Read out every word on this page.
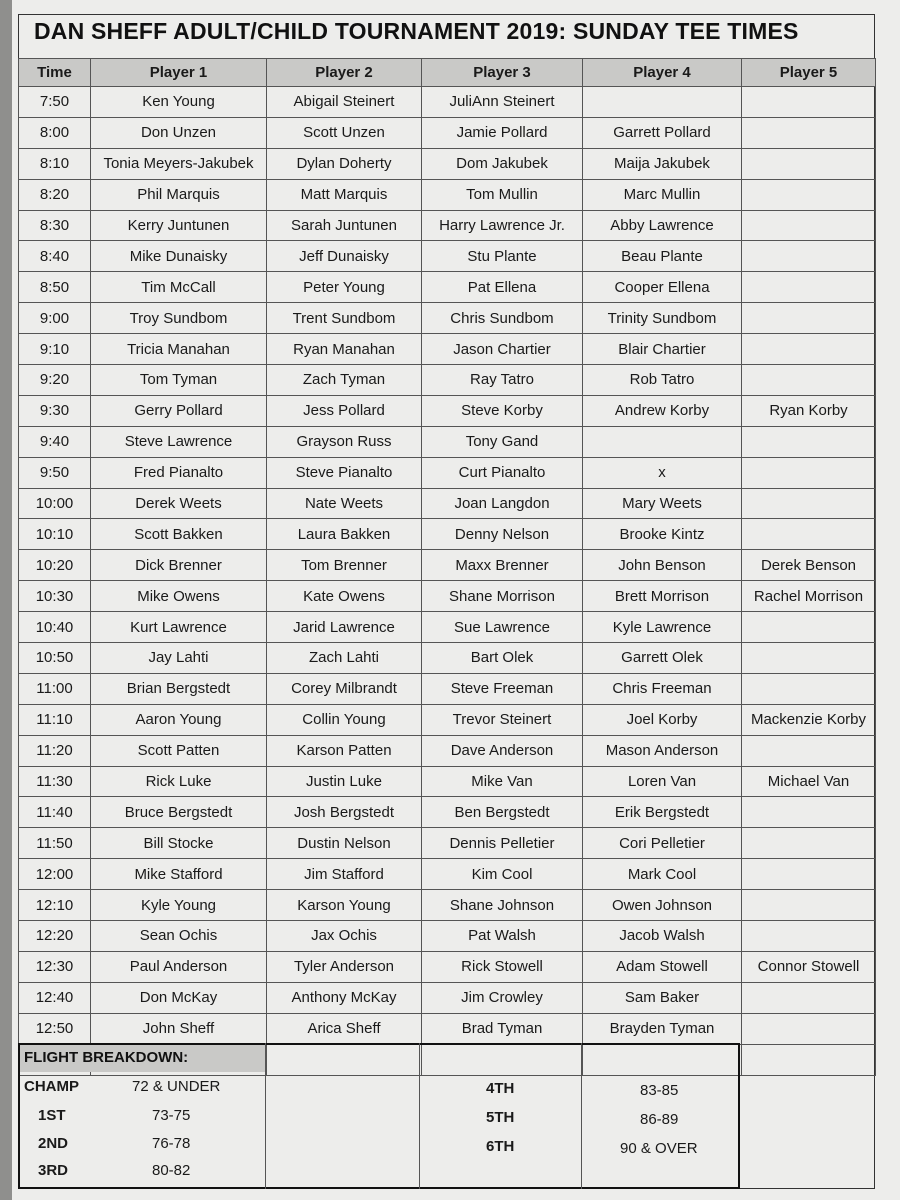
DAN SHEFF ADULT/CHILD TOURNAMENT 2019: SUNDAY TEE TIMES
Time	Player 1	Player 2	Player 3	Player 4	Player 5
7:50	Ken Young	Abigail Steinert	JuliAnn Steinert		
8:00	Don Unzen	Scott Unzen	Jamie Pollard	Garrett Pollard	
8:10	Tonia Meyers-Jakubek	Dylan Doherty	Dom Jakubek	Maija Jakubek	
8:20	Phil Marquis	Matt Marquis	Tom Mullin	Marc Mullin	
8:30	Kerry Juntunen	Sarah Juntunen	Harry Lawrence Jr.	Abby Lawrence	
8:40	Mike Dunaisky	Jeff Dunaisky	Stu Plante	Beau Plante	
8:50	Tim McCall	Peter Young	Pat Ellena	Cooper Ellena	
9:00	Troy Sundbom	Trent Sundbom	Chris Sundbom	Trinity Sundbom	
9:10	Tricia Manahan	Ryan Manahan	Jason Chartier	Blair Chartier	
9:20	Tom Tyman	Zach Tyman	Ray Tatro	Rob Tatro	
9:30	Gerry Pollard	Jess Pollard	Steve Korby	Andrew Korby	Ryan Korby
9:40	Steve Lawrence	Grayson Russ	Tony Gand		
9:50	Fred Pianalto	Steve Pianalto	Curt Pianalto	x	
10:00	Derek Weets	Nate Weets	Joan Langdon	Mary Weets	
10:10	Scott Bakken	Laura Bakken	Denny Nelson	Brooke Kintz	
10:20	Dick Brenner	Tom Brenner	Maxx Brenner	John Benson	Derek Benson
10:30	Mike Owens	Kate Owens	Shane Morrison	Brett Morrison	Rachel Morrison
10:40	Kurt Lawrence	Jarid Lawrence	Sue Lawrence	Kyle Lawrence	
10:50	Jay Lahti	Zach Lahti	Bart Olek	Garrett Olek	
11:00	Brian Bergstedt	Corey Milbrandt	Steve Freeman	Chris Freeman	
11:10	Aaron Young	Collin Young	Trevor Steinert	Joel Korby	Mackenzie Korby
11:20	Scott Patten	Karson Patten	Dave Anderson	Mason Anderson	
11:30	Rick Luke	Justin Luke	Mike Van	Loren Van	Michael Van
11:40	Bruce Bergstedt	Josh Bergstedt	Ben Bergstedt	Erik Bergstedt	
11:50	Bill Stocke	Dustin Nelson	Dennis Pelletier	Cori Pelletier	
12:00	Mike Stafford	Jim Stafford	Kim Cool	Mark Cool	
12:10	Kyle Young	Karson Young	Shane Johnson	Owen Johnson	
12:20	Sean Ochis	Jax Ochis	Pat Walsh	Jacob Walsh	
12:30	Paul Anderson	Tyler Anderson	Rick Stowell	Adam Stowell	Connor Stowell
12:40	Don McKay	Anthony McKay	Jim Crowley	Sam Baker	
12:50	John Sheff	Arica Sheff	Brad Tyman	Brayden Tyman	

FLIGHT BREAKDOWN:
CHAMP	72 & UNDER
1ST	73-75
2ND	76-78
3RD	80-82
4TH	83-85
5TH	86-89
6TH	90 & OVER
